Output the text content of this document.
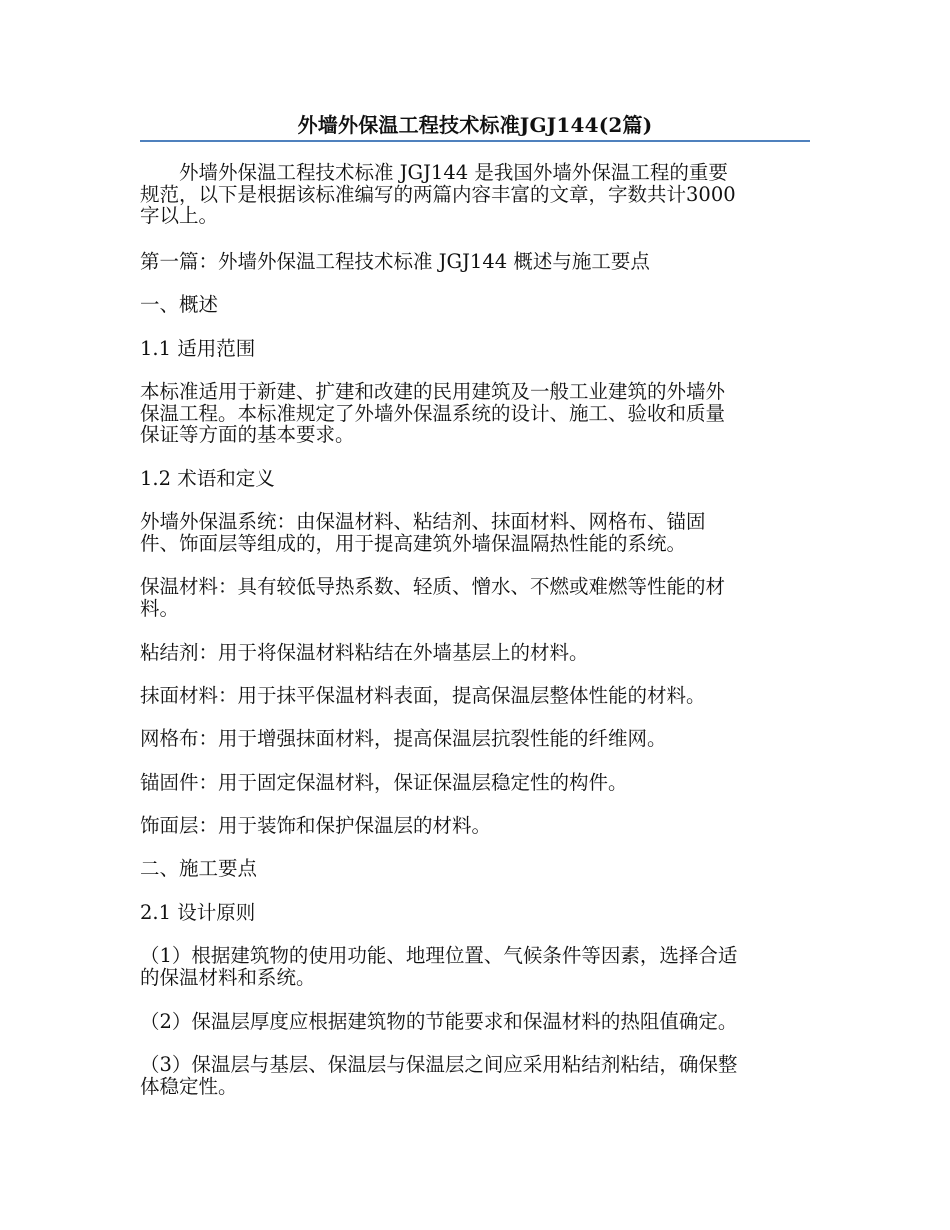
外墙外保温工程技术标准JGJ144(2篇)

外墙外保温工程技术标准 JGJ144 是我国外墙外保温工程的重要
规范，以下是根据该标准编写的两篇内容丰富的文章，字数共计3000
字以上。

第一篇：外墙外保温工程技术标准 JGJ144 概述与施工要点

一、概述

1.1 适用范围

本标准适用于新建、扩建和改建的民用建筑及一般工业建筑的外墙外
保温工程。本标准规定了外墙外保温系统的设计、施工、验收和质量
保证等方面的基本要求。

1.2 术语和定义

外墙外保温系统：由保温材料、粘结剂、抹面材料、网格布、锚固
件、饰面层等组成的，用于提高建筑外墙保温隔热性能的系统。

保温材料：具有较低导热系数、轻质、憎水、不燃或难燃等性能的材
料。

粘结剂：用于将保温材料粘结在外墙基层上的材料。

抹面材料：用于抹平保温材料表面，提高保温层整体性能的材料。

网格布：用于增强抹面材料，提高保温层抗裂性能的纤维网。

锚固件：用于固定保温材料，保证保温层稳定性的构件。

饰面层：用于装饰和保护保温层的材料。

二、施工要点

2.1 设计原则

（1）根据建筑物的使用功能、地理位置、气候条件等因素，选择合适
的保温材料和系统。

（2）保温层厚度应根据建筑物的节能要求和保温材料的热阻值确定。

（3）保温层与基层、保温层与保温层之间应采用粘结剂粘结，确保整
体稳定性。
